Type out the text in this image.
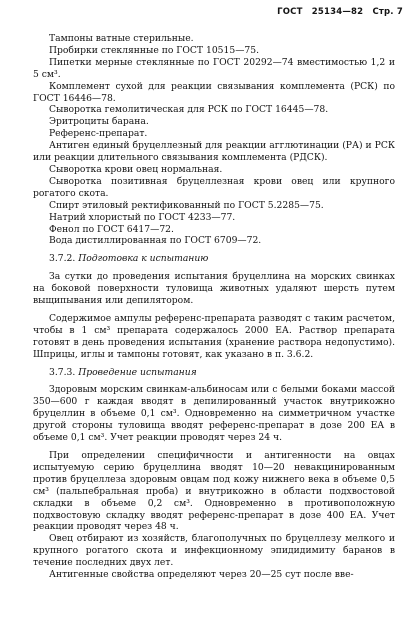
ГОСТ 25134—82 Стр. 7

Тампоны ватные стерильные.

Пробирки стеклянные по ГОСТ 10515—75.

Пипетки мерные стеклянные по ГОСТ 20292—74 вместимостью 1,2 и 5 см³.

Комплемент сухой для реакции связывания комплемента (РСК) по ГОСТ 16446—78.

Сыворотка гемолитическая для РСК по ГОСТ 16445—78.

Эритроциты барана.

Референс-препарат.

Антиген единый бруцеллезный для реакции агглютинации (РА) и РСК или реакции длительного связывания комплемента (РДСК).

Сыворотка крови овец нормальная.

Сыворотка позитивная бруцеллезная крови овец или крупного рогатого скота.

Спирт этиловый ректификованный по ГОСТ 5.2285—75.

Натрий хлористый по ГОСТ 4233—77.

Фенол по ГОСТ 6417—72.

Вода дистиллированная по ГОСТ 6709—72.

3.7.2. Подготовка к испытанию

За сутки до проведения испытания бруцеллина на морских свинках на боковой поверхности туловища животных удаляют шерсть путем выщипывания или депилятором.

Содержимое ампулы референс-препарата разводят с таким расчетом, чтобы в 1 см³ препарата содержалось 2000 ЕА. Раствор препарата готовят в день проведения испытания (хранение раствора недопустимо). Шприцы, иглы и тампоны готовят, как указано в п. 3.6.2.

3.7.3. Проведение испытания

Здоровым морским свинкам-альбиносам или с белыми боками массой 350—600 г каждая вводят в депилированный участок внутрикожно бруцеллин в объеме 0,1 см³. Одновременно на симметричном участке другой стороны туловища вводят референс-препарат в дозе 200 ЕА в объеме 0,1 см³. Учет реакции проводят через 24 ч.

При определении специфичности и антигенности на овцах испытуемую серию бруцеллина вводят 10—20 невакцинированным против бруцеллеза здоровым овцам под кожу нижнего века в объеме 0,5 см³ (пальпебральная проба) и внутрикожно в области подхвостовой складки в объеме 0,2 см³. Одновременно в противоположную подхвостовую складку вводят референс-препарат в дозе 400 ЕА. Учет реакции проводят через 48 ч.

Овец отбирают из хозяйств, благополучных по бруцеллезу мелкого и крупного рогатого скота и инфекционному эпидидимиту баранов в течение последних двух лет.

Антигенные свойства определяют через 20—25 сут после вве-
